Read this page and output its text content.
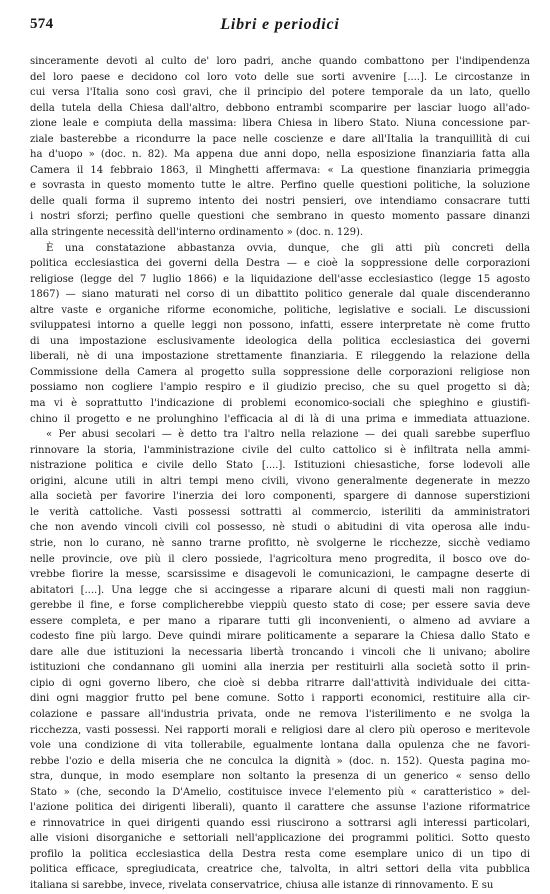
574	Libri e periodici
sinceramente devoti al culto de' loro padri, anche quando combattono per l'indipendenza
del loro paese e decidono col loro voto delle sue sorti avvenire [....]. Le circostanze in
cui versa l'Italia sono così gravi, che il principio del potere temporale da un lato, quello
della tutela della Chiesa dall'altro, debbono entrambi scomparire per lasciar luogo all'ado-
zione leale e compiuta della massima: libera Chiesa in libero Stato. Niuna concessione par-
ziale basterebbe a ricondurre la pace nelle coscienze e dare all'Italia la tranquillità di cui
ha d'uopo » (doc. n. 82). Ma appena due anni dopo, nella esposizione finanziaria fatta alla
Camera il 14 febbraio 1863, il Minghetti affermava: « La questione finanziaria primeggia
e sovrasta in questo momento tutte le altre. Perfino quelle questioni politiche, la soluzione
delle quali forma il supremo intento dei nostri pensieri, ove intendiamo consacrare tutti
i nostri sforzi; perfino quelle questioni che sembrano in questo momento passare dinanzi
alla stringente necessità dell'interno ordinamento » (doc. n. 129).
È una constatazione abbastanza ovvia, dunque, che gli atti più concreti della
politica ecclesiastica dei governi della Destra — e cioè la soppressione delle corporazioni
religiose (legge del 7 luglio 1866) e la liquidazione dell'asse ecclesiastico (legge 15 agosto
1867) — siano maturati nel corso di un dibattito politico generale dal quale discenderanno
altre vaste e organiche riforme economiche, politiche, legislative e sociali. Le discussioni
sviluppatesi intorno a quelle leggi non possono, infatti, essere interpretate nè come frutto
di una impostazione esclusivamente ideologica della politica ecclesiastica dei governi
liberali, nè di una impostazione strettamente finanziaria. E rileggendo la relazione della
Commissione della Camera al progetto sulla soppressione delle corporazioni religiose non
possiamo non cogliere l'ampio respiro e il giudizio preciso, che su quel progetto si dà;
ma vi è soprattutto l'indicazione di problemi economico-sociali che spieghino e giustifi-
chino il progetto e ne prolunghino l'efficacia al di là di una prima e immediata attuazione.
« Per abusi secolari — è detto tra l'altro nella relazione — dei quali sarebbe superfluo
rinnovare la storia, l'amministrazione civile del culto cattolico si è infiltrata nella ammi-
nistrazione politica e civile dello Stato [....]. Istituzioni chiesastiche, forse lodevoli alle
origini, alcune utili in altri tempi meno civili, vivono generalmente degenerate in mezzo
alla società per favorire l'inerzia dei loro componenti, spargere di dannose superstizioni
le verità cattoliche. Vasti possessi sottratti al commercio, isteriliti da amministratori
che non avendo vincoli civili col possesso, nè studi o abitudini di vita operosa alle indu-
strie, non lo curano, nè sanno trarne profitto, nè svolgerne le ricchezze, sicchè vediamo
nelle provincie, ove più il clero possiede, l'agricoltura meno progredita, il bosco ove do-
vrebbe fiorire la messe, scarsissime e disagevoli le comunicazioni, le campagne deserte di
abitatori [....]. Una legge che si accingesse a riparare alcuni di questi mali non raggiun-
gerebbe il fine, e forse complicherebbe vieppiù questo stato di cose; per essere savia deve
essere completa, e per mano a riparare tutti gli inconvenienti, o almeno ad avviare a
codesto fine più largo. Deve quindi mirare politicamente a separare la Chiesa dallo Stato e
dare alle due istituzioni la necessaria libertà troncando i vincoli che li univano; abolire
istituzioni che condannano gli uomini alla inerzia per restituirli alla società sotto il prin-
cipio di ogni governo libero, che cioè si debba ritrarre dall'attività individuale dei citta-
dini ogni maggior frutto pel bene comune. Sotto i rapporti economici, restituire alla cir-
colazione e passare all'industria privata, onde ne remova l'isterilimento e ne svolga la
ricchezza, vasti possessi. Nei rapporti morali e religiosi dare al clero più operoso e meritevole
vole una condizione di vita tollerabile, egualmente lontana dalla opulenza che ne favori-
rebbe l'ozio e della miseria che ne conculca la dignità » (doc. n. 152). Questa pagina mo-
stra, dunque, in modo esemplare non soltanto la presenza di un generico « senso dello
Stato » (che, secondo la D'Amelio, costituisce invece l'elemento più « caratteristico » del-
l'azione politica dei dirigenti liberali), quanto il carattere che assunse l'azione riformatrice
e rinnovatrice in quei dirigenti quando essi riuscirono a sottrarsi agli interessi particolari,
alle visioni disorganiche e settoriali nell'applicazione dei programmi politici. Sotto questo
profilo la politica ecclesiastica della Destra resta come esemplare unico di un tipo di
politica efficace, spregiudicata, creatrice che, talvolta, in altri settori della vita pubblica
italiana si sarebbe, invece, rivelata conservatrice, chiusa alle istanze di rinnovamento. E su
